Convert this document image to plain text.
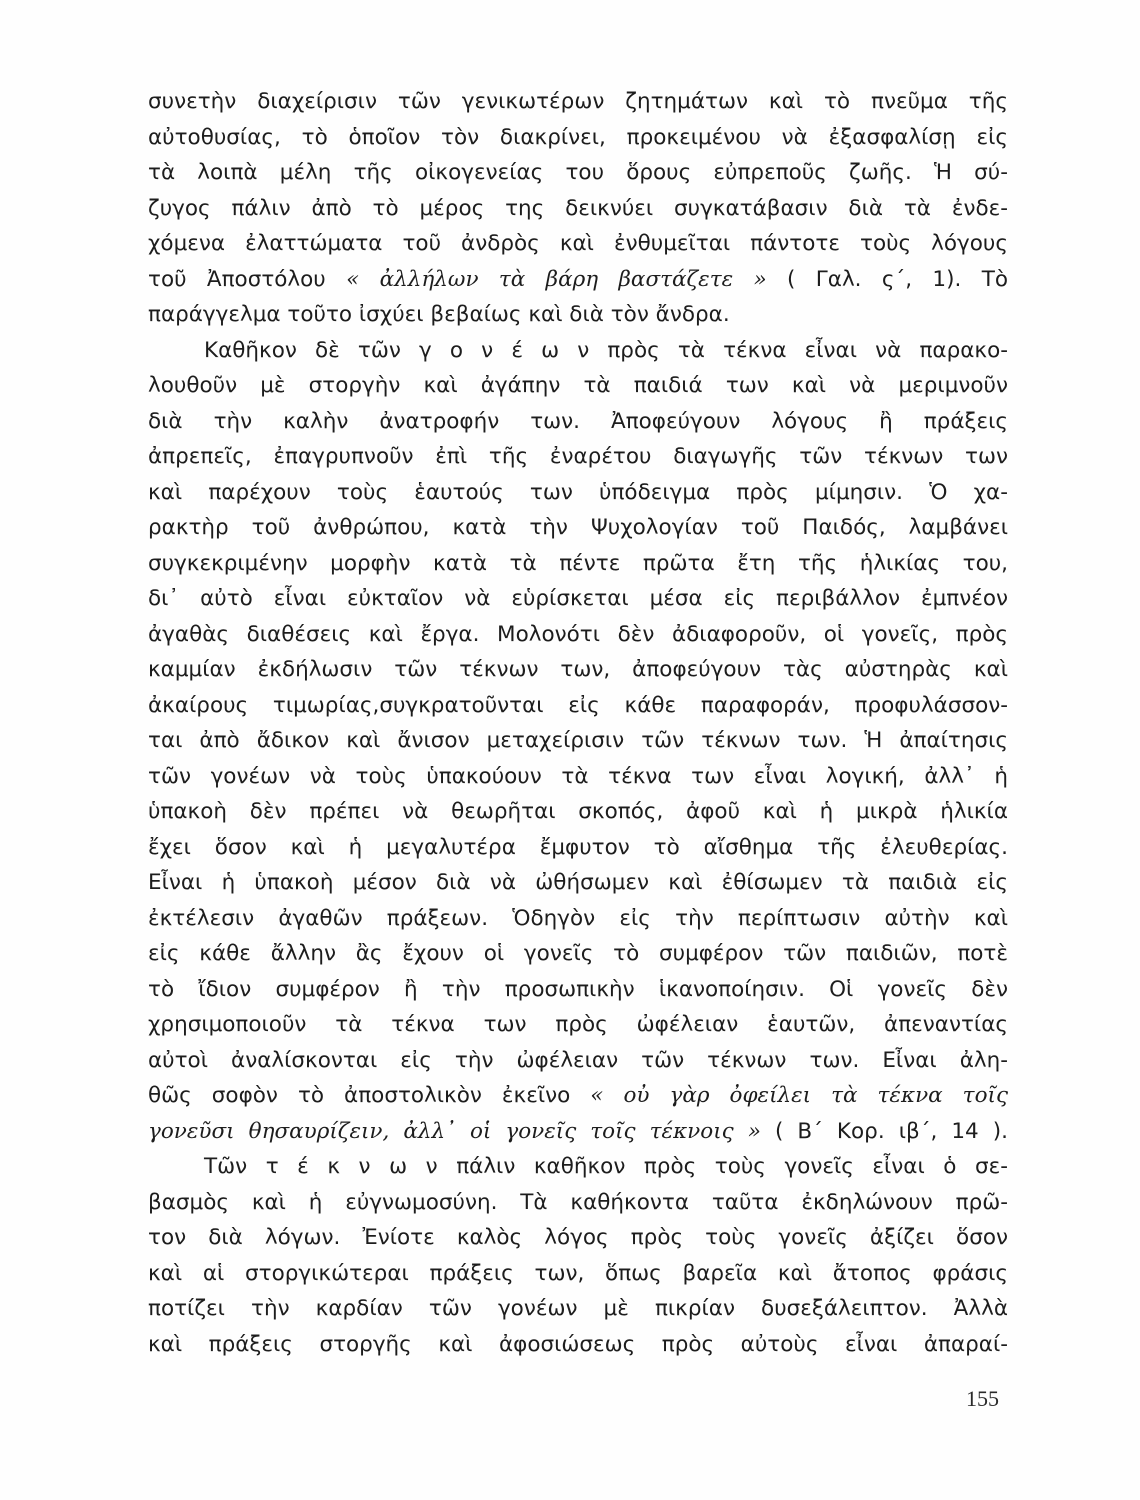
συνετὴν διαχείρισιν τῶν γενικωτέρων ζητημάτων καὶ τὸ πνεῦμα τῆς
αὐτοθυσίας, τὸ ὁποῖον τὸν διακρίνει, προκειμένου νὰ ἐξασφαλίσῃ εἰς
τὰ λοιπὰ μέλη τῆς οἰκογενείας του ὅρους εὐπρεποῦς ζωῆς. Ἡ σύ-
ζυγος πάλιν ἀπὸ τὸ μέρος της δεικνύει συγκατάβασιν διὰ τὰ ἐνδε-
χόμενα ἐλαττώματα τοῦ ἀνδρὸς καὶ ἐνθυμεῖται πάντοτε τοὺς λόγους
τοῦ Ἀποστόλου « ἀλλήλων τὰ βάρη βαστάζετε » ( Γαλ. ς΄, 1). Τὸ
παράγγελμα τοῦτο ἰσχύει βεβαίως καὶ διὰ τὸν ἄνδρα.
Καθῆκον δὲ τῶν γ ο ν έ ω ν πρὸς τὰ τέκνα εἶναι νὰ παρακο-
λουθοῦν μὲ στοργὴν καὶ ἀγάπην τὰ παιδιά των καὶ νὰ μεριμνοῦν
διὰ τὴν καλὴν ἀνατροφήν των. Ἀποφεύγουν λόγους ἢ πράξεις
ἀπρεπεῖς, ἐπαγρυπνοῦν ἐπὶ τῆς ἐναρέτου διαγωγῆς τῶν τέκνων των
καὶ παρέχουν τοὺς ἑαυτούς των ὑπόδειγμα πρὸς μίμησιν. Ὁ χα-
ρακτὴρ τοῦ ἀνθρώπου, κατὰ τὴν Ψυχολογίαν τοῦ Παιδός, λαμβάνει
συγκεκριμένην μορφὴν κατὰ τὰ πέντε πρῶτα ἔτη τῆς ἡλικίας του,
δι᾽ αὐτὸ εἶναι εὐκταῖον νὰ εὑρίσκεται μέσα εἰς περιβάλλον ἐμπνέον
ἀγαθὰς διαθέσεις καὶ ἔργα. Μολονότι δὲν ἀδιαφοροῦν, οἱ γονεῖς, πρὸς
καμμίαν ἐκδήλωσιν τῶν τέκνων των, ἀποφεύγουν τὰς αὐστηρὰς καὶ
ἀκαίρους τιμωρίας,συγκρατοῦνται εἰς κάθε παραφοράν, προφυλάσσον-
ται ἀπὸ ἄδικον καὶ ἄνισον μεταχείρισιν τῶν τέκνων των. Ἡ ἀπαίτησις
τῶν γονέων νὰ τοὺς ὑπακούουν τὰ τέκνα των εἶναι λογική, ἀλλ᾽ ἡ
ὑπακοὴ δὲν πρέπει νὰ θεωρῆται σκοπός, ἀφοῦ καὶ ἡ μικρὰ ἡλικία
ἔχει ὅσον καὶ ἡ μεγαλυτέρα ἔμφυτον τὸ αἴσθημα τῆς ἐλευθερίας.
Εἶναι ἡ ὑπακοὴ μέσον διὰ νὰ ὠθήσωμεν καὶ ἐθίσωμεν τὰ παιδιὰ εἰς
ἐκτέλεσιν ἀγαθῶν πράξεων. Ὁδηγὸν εἰς τὴν περίπτωσιν αὐτὴν καὶ
εἰς κάθε ἄλλην ἂς ἔχουν οἱ γονεῖς τὸ συμφέρον τῶν παιδιῶν, ποτὲ
τὸ ἴδιον συμφέρον ἢ τὴν προσωπικὴν ἱκανοποίησιν. Οἱ γονεῖς δὲν
χρησιμοποιοῦν τὰ τέκνα των πρὸς ὠφέλειαν ἑαυτῶν, ἀπεναντίας
αὐτοὶ ἀναλίσκονται εἰς τὴν ὠφέλειαν τῶν τέκνων των. Εἶναι ἀλη-
θῶς σοφὸν τὸ ἀποστολικὸν ἐκεῖνο « οὐ γὰρ ὀφείλει τὰ τέκνα τοῖς
γονεῦσι θησαυρίζειν, ἀλλ᾽ οἱ γονεῖς τοῖς τέκνοις » ( Β΄ Κορ. ιβ΄, 14 ).
Τῶν τ έ κ ν ω ν πάλιν καθῆκον πρὸς τοὺς γονεῖς εἶναι ὁ σε-
βασμὸς καὶ ἡ εὐγνωμοσύνη. Τὰ καθήκοντα ταῦτα ἐκδηλώνουν πρῶ-
τον διὰ λόγων. Ἐνίοτε καλὸς λόγος πρὸς τοὺς γονεῖς ἀξίζει ὅσον
καὶ αἱ στοργικώτεραι πράξεις των, ὅπως βαρεῖα καὶ ἄτοπος φράσις
ποτίζει τὴν καρδίαν τῶν γονέων μὲ πικρίαν δυσεξάλειπτον. Ἀλλὰ
καὶ πράξεις στοργῆς καὶ ἀφοσιώσεως πρὸς αὐτοὺς εἶναι ἀπαραί-
155
